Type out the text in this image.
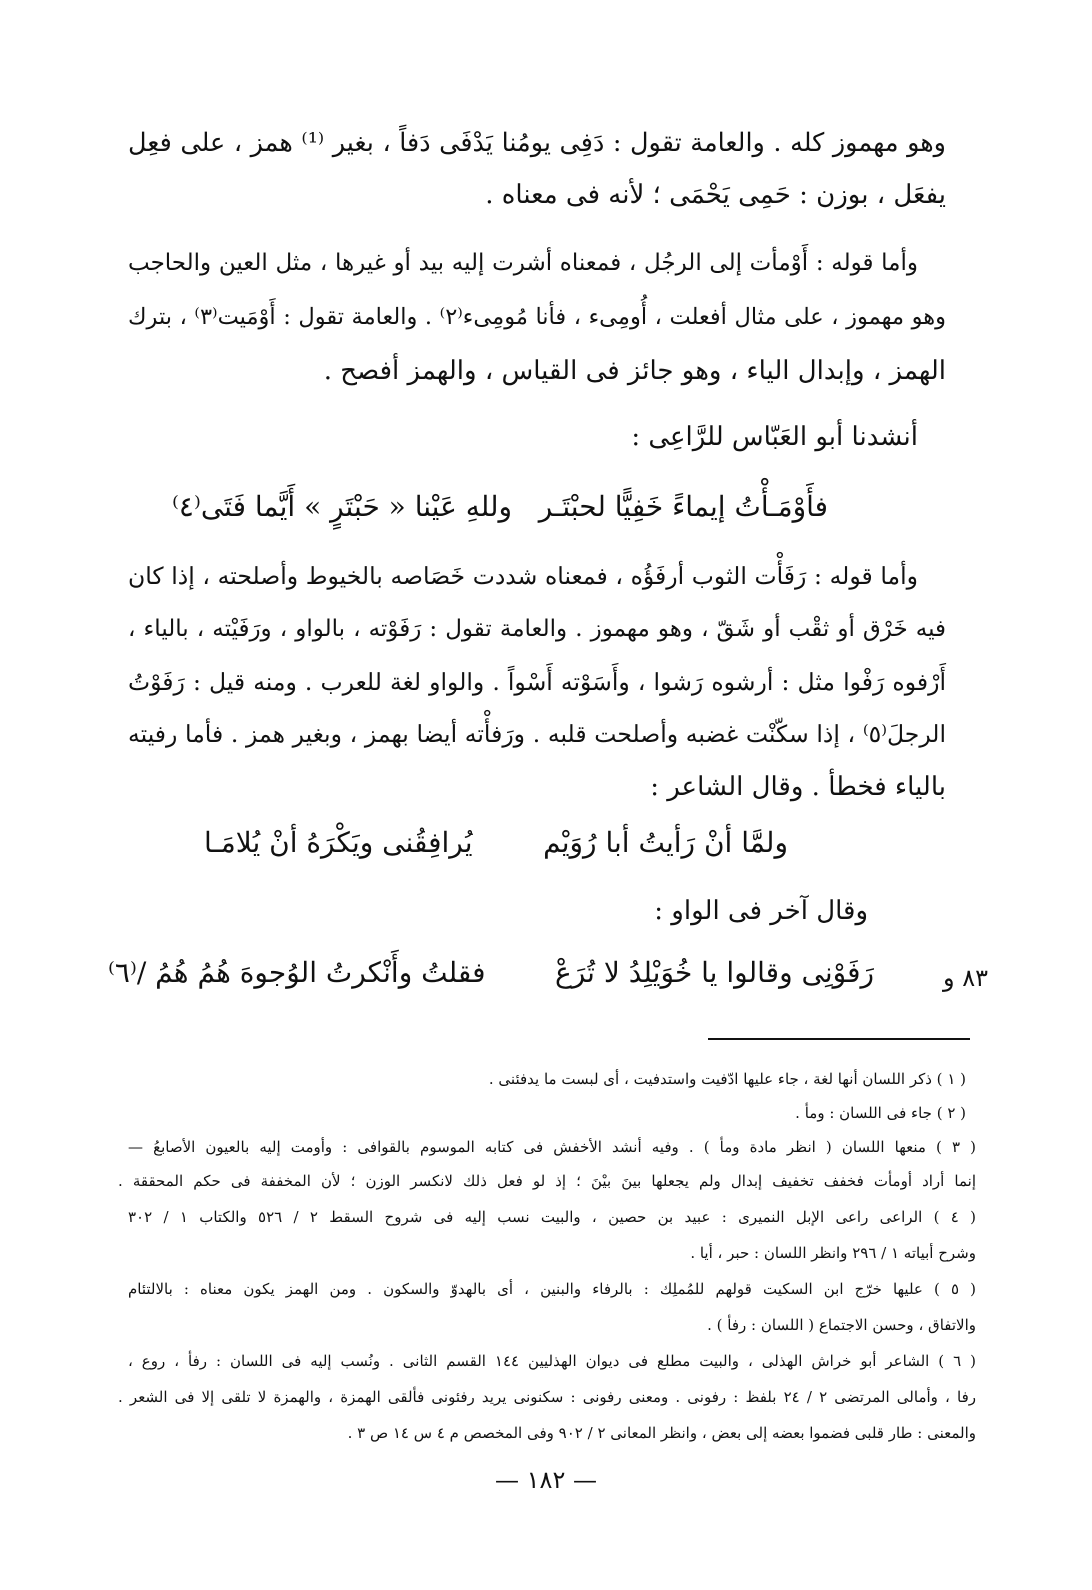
وهو مهموز كله . والعامة تقول : دَفِى يومُنا يَدْفَى دَفاً ، بغير ⁽¹⁾ همز ، على فعِل
يفعَل ، بوزن : حَمِى يَحْمَى ؛ لأنه فى معناه .
وأما قوله : أَوْمأت إلى الرجُل ، فمعناه أشرت إليه بيد أو غيرها ، مثل العين والحاجب
وهو مهموز ، على مثال أفعلت ، أُومِىء ، فأنا مُومِىء⁽٢⁾ . والعامة تقول : أَوْمَيت⁽٣⁾ ، بترك
الهمز ، وإبدال الياء ، وهو جائز فى القياس ، والهمز أفصح .
أنشدنا أبو العَبّاس للرَّاعِى :
فأَوْمَـأْتُ إيماءً خَفِيًّا لحبْتَـر
وللهِ عَيْنا « حَبْتَرٍ » أَيَّما فَتَى⁽٤⁾
وأما قوله : رَفَأْت الثوب أرفَؤُه ، فمعناه شددت خَصَاصه بالخيوط وأصلحته ، إذا كان
فيه خَرْق أو ثقْب أو شَقّ ، وهو مهموز . والعامة تقول : رَفَوْته ، بالواو ، ورَفَيْته ، بالياء ،
أَرْفوه رَفْوا مثل : أرشوه رَشوا ، وأَسَوْته أَسْواً . والواو لغة للعرب . ومنه قيل : رَفَوْتُ
الرجلَ⁽٥⁾ ، إذا سكّنْت غضبه وأصلحت قلبه . ورَفأْته أيضا بهمز ، وبغير همز . فأما رفيته
بالياء فخطأ . وقال الشاعر :
ولمَّا أنْ رَأيتُ أبا رُوَيْم
يُرافِقُنى ويَكْرَهُ أنْ يُلامَـا
وقال آخر فى الواو :
رَفَوْنِى وقالوا يا خُوَيْلِدُ لا تُرَعْ
فقلتُ وأَنْكرتُ الوُجوهَ هُمُ هُمُ /⁽٦⁾	٨٣ و
( ١ ) ذكر اللسان أنها لغة ، جاء عليها ادّفيت واستدفيت ، أى لبست ما يدفئنى .
( ٢ ) جاء فى اللسان : ومأ .
( ٣ ) منعها اللسان ( انظر مادة ومأ ) . وفيه أنشد الأخفش فى كتابه الموسوم بالقوافى : وأومت إليه بالعيون الأصابعُ —
إنما أراد أومأت فخفف تخفيف إبدال ولم يجعلها بينَ بيْنَ ؛ إذ لو فعل ذلك لانكسر الوزن ؛ لأن المخففة فى حكم المحققة .
( ٤ ) الراعى راعى الإبل النميرى : عبيد بن حصين ، والبيت نسب إليه فى شروح السقط ٢ / ٥٢٦ والكتاب ١ / ٣٠٢
وشرح أبياته ١ / ٢٩٦ وانظر اللسان : حبر ، أيا .
( ٥ ) عليها خرّج ابن السكيت قولهم للمُملِك : بالرفاء والبنين ، أى بالهدوّ والسكون . ومن الهمز يكون معناه : بالالتئام
والاتفاق ، وحسن الاجتماع ( اللسان : رفأ ) .
( ٦ ) الشاعر أبو خراش الهذلى ، والبيت مطلع فى ديوان الهذليين ١٤٤ القسم الثانى . ونُسب إليه فى اللسان : رفأ ، روع ،
رفا ، وأمالى المرتضى ٢ / ٢٤ بلفظ : رفونى . ومعنى رفونى : سكنونى يريد رفئونى فألقى الهمزة ، والهمزة لا تلقى إلا فى الشعر .
والمعنى : طار قلبى فضموا بعضه إلى بعض ، وانظر المعانى ٢ / ٩٠٢ وفى المخصص م ٤ س ١٤ ص ٣ .
— ١٨٢ —
